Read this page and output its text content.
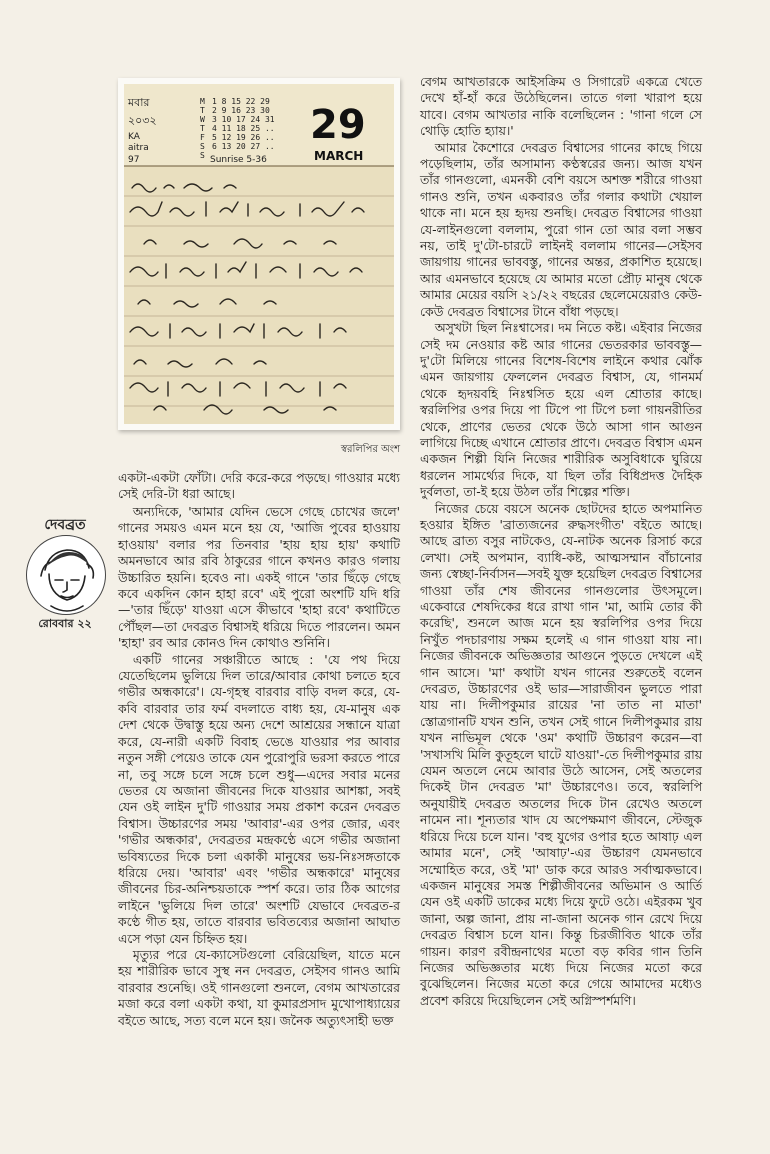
মবার
২০৩২
KA
aitra
97
M
T
W
T
F
S
S
1 8 15 22 29
2 9 16 23 30
3 10 17 24 31
4 11 18 25 ..
5 12 19 26 ..
6 13 20 27 ..
Sunrise 5-36
29
MARCH
স্বরলিপির অংশ
দেবব্রত
রোববার ২২

একটা-একটা ফোঁটা। দেরি করে-করে পড়ছে। গাওয়ার মধ্যে সেই দেরি-টা ধরা আছে।

অন্যদিকে, 'আমার যেদিন ভেসে গেছে চোখের জলে' গানের সময়ও এমন মনে হয় যে, 'আজি পুবের হাওয়ায় হাওয়ায়' বলার পর তিনবার 'হায় হায় হায়' কথাটি অমনভাবে আর রবি ঠাকুরের গানে কখনও কারও গলায় উচ্চারিত হয়নি। হবেও না। একই গানে 'তার ছিঁড়ে গেছে কবে একদিন কোন হাহা রবে' এই পুরো অংশটি যদি ধরি—'তার ছিঁড়ে' যাওয়া এসে কীভাবে 'হাহা রবে' কথাটিতে পৌঁছল—তা দেবব্রত বিশ্বাসই ধরিয়ে দিতে পারলেন। অমন 'হাহা' রব আর কোনও দিন কোথাও শুনিনি।

একটি গানের সঞ্চারীতে আছে : 'যে পথ দিয়ে যেতেছিলেম ভুলিয়ে দিল তারে/আবার কোথা চলতে হবে গভীর অন্ধকারে'। যে-গৃহস্থ বারবার বাড়ি বদল করে, যে-কবি বারবার তার ফর্ম বদলাতে বাধ্য হয়, যে-মানুষ এক দেশ থেকে উদ্বাস্তু হয়ে অন্য দেশে আশ্রয়ের সন্ধানে যাত্রা করে, যে-নারী একটি বিবাহ ভেঙে যাওয়ার পর আবার নতুন সঙ্গী পেয়েও তাকে যেন পুরোপুরি ভরসা করতে পারে না, তবু সঙ্গে চলে সঙ্গে চলে শুধু—এদের সবার মনের ভেতর যে অজানা জীবনের দিকে যাওয়ার আশঙ্কা, সবই যেন ওই লাইন দু'টি গাওয়ার সময় প্রকাশ করেন দেবব্রত বিশ্বাস। উচ্চারণের সময় 'আবার'-এর ওপর জোর, এবং 'গভীর অন্ধকার', দেবব্রতর মন্দ্রকণ্ঠে এসে গভীর অজানা ভবিষ্যতের দিকে চলা একাকী মানুষের ভয়-নিঃসঙ্গতাকে ধরিয়ে দেয়। 'আবার' এবং 'গভীর অন্ধকারে' মানুষের জীবনের চির-অনিশ্চয়তাকে স্পর্শ করে। তার ঠিক আগের লাইনে 'ভুলিয়ে দিল তারে' অংশটি যেভাবে দেবব্রত-র কণ্ঠে গীত হয়, তাতে বারবার ভবিতব্যের অজানা আঘাত এসে পড়া যেন চিহ্নিত হয়।

মৃত্যুর পরে যে-ক্যাসেটগুলো বেরিয়েছিল, যাতে মনে হয় শারীরিক ভাবে সুস্থ নন দেবব্রত, সেইসব গানও আমি বারবার শুনেছি। ওই গানগুলো শুনলে, বেগম আখতারের মজা করে বলা একটা কথা, যা কুমারপ্রসাদ মুখোপাধ্যায়ের বইতে আছে, সত্য বলে মনে হয়। জনৈক অত্যুৎসাহী ভক্ত

বেগম আখতারকে আইসক্রিম ও সিগারেট একত্রে খেতে দেখে হাঁ-হাঁ করে উঠেছিলেন। তাতে গলা খারাপ হয়ে যাবে। বেগম আখতার নাকি বলেছিলেন : 'গানা গলে সে থোড়ি হোতি হ্যায়।'

আমার কৈশোরে দেবব্রত বিশ্বাসের গানের কাছে গিয়ে পড়েছিলাম, তাঁর অসামান্য কণ্ঠস্বরের জন্য। আজ যখন তাঁর গানগুলো, এমনকী বেশি বয়সে অশক্ত শরীরে গাওয়া গানও শুনি, তখন একবারও তাঁর গলার কথাটা খেয়াল থাকে না। মনে হয় হৃদয় শুনছি। দেবব্রত বিশ্বাসের গাওয়া যে-লাইনগুলো বললাম, পুরো গান তো আর বলা সম্ভব নয়, তাই দু'টো-চারটে লাইনই বললাম গানের—সেইসব জায়গায় গানের ভাববস্তু, গানের অন্তর, প্রকাশিত হয়েছে। আর এমনভাবে হয়েছে যে আমার মতো প্রৌঢ় মানুষ থেকে আমার মেয়ের বয়সি ২১/২২ বছরের ছেলেমেয়েরাও কেউ-কেউ দেবব্রত বিশ্বাসের টানে বাঁধা পড়ছে।

অসুখটা ছিল নিঃশ্বাসের। দম নিতে কষ্ট। এইবার নিজের সেই দম নেওয়ার কষ্ট আর গানের ভেতরকার ভাববস্তু—দু'টো মিলিয়ে গানের বিশেষ-বিশেষ লাইনে কথার ঝোঁক এমন জায়গায় ফেললেন দেবব্রত বিশ্বাস, যে, গানমর্ম থেকে হৃদয়বহি নিঃশ্বসিত হয়ে এল শ্রোতার কাছে। স্বরলিপির ওপর দিয়ে পা টিপে পা টিপে চলা গায়নরীতির থেকে, প্রাণের ভেতর থেকে উঠে আসা গান আগুন লাগিয়ে দিচ্ছে এখানে শ্রোতার প্রাণে। দেবব্রত বিশ্বাস এমন একজন শিল্পী যিনি নিজের শারীরিক অসুবিধাকে ঘুরিয়ে ধরলেন সামর্থ্যের দিকে, যা ছিল তাঁর বিধিপ্রদত্ত দৈহিক দুর্বলতা, তা-ই হয়ে উঠল তাঁর শিল্পের শক্তি।

নিজের চেয়ে বয়সে অনেক ছোটদের হাতে অপমানিত হওয়ার ইঙ্গিত 'ব্রাত্যজনের রুদ্ধসংগীত' বইতে আছে। আছে ব্রাত্য বসুর নাটকেও, যে-নাটক অনেক রিসার্চ করে লেখা। সেই অপমান, ব্যাধি-কষ্ট, আত্মসম্মান বাঁচানোর জন্য স্বেচ্ছা-নির্বাসন—সবই যুক্ত হয়েছিল দেবব্রত বিশ্বাসের গাওয়া তাঁর শেষ জীবনের গানগুলোর উৎসমূলে। একেবারে শেষদিকের ধরে রাখা গান 'মা, আমি তোর কী করেছি', শুনলে আজ মনে হয় স্বরলিপির ওপর দিয়ে নিখুঁত পদচারণায় সক্ষম হলেই এ গান গাওয়া যায় না। নিজের জীবনকে অভিজ্ঞতার আগুনে পুড়তে দেখলে এই গান আসে। 'মা' কথাটা যখন গানের শুরুতেই বলেন দেবব্রত, উচ্চারণের ওই ভার—সারাজীবন ভুলতে পারা যায় না। দিলীপকুমার রায়ের 'না তাত না মাতা' স্তোত্রগানটি যখন শুনি, তখন সেই গানে দিলীপকুমার রায় যখন নাভিমূল থেকে 'ওম' কথাটি উচ্চারণ করেন—বা 'সখাসখি মিলি কুতূহলে ঘাটে যাওয়া'-তে দিলীপকুমার রায় যেমন অতলে নেমে আবার উঠে আসেন, সেই অতলের দিকেই টান দেবব্রত 'মা' উচ্চারণেও। তবে, স্বরলিপি অনুযায়ীই দেবব্রত অতলের দিকে টান রেখেও অতলে নামেন না। শূন্যতার খাদ যে অপেক্ষমাণ জীবনে, স্টেজুক ধরিয়ে দিয়ে চলে যান। 'বহু যুগের ওপার হতে আষাঢ় এল আমার মনে', সেই 'আষাঢ়'-এর উচ্চারণ যেমনভাবে সম্মোহিত করে, ওই 'মা' ডাক করে আরও সর্বাত্মকভাবে। একজন মানুষের সমস্ত শিল্পীজীবনের অভিমান ও আর্তি যেন ওই একটি ডাকের মধ্যে দিয়ে ফুটে ওঠে। এইরকম খুব জানা, অল্প জানা, প্রায় না-জানা অনেক গান রেখে দিয়ে দেবব্রত বিশ্বাস চলে যান। কিন্তু চিরজীবিত থাকে তাঁর গায়ন। কারণ রবীন্দ্রনাথের মতো বড় কবির গান তিনি নিজের অভিজ্ঞতার মধ্যে দিয়ে নিজের মতো করে বুঝেছিলেন। নিজের মতো করে গেয়ে আমাদের মধ্যেও প্রবেশ করিয়ে দিয়েছিলেন সেই অগ্নিস্পর্শমণি।
